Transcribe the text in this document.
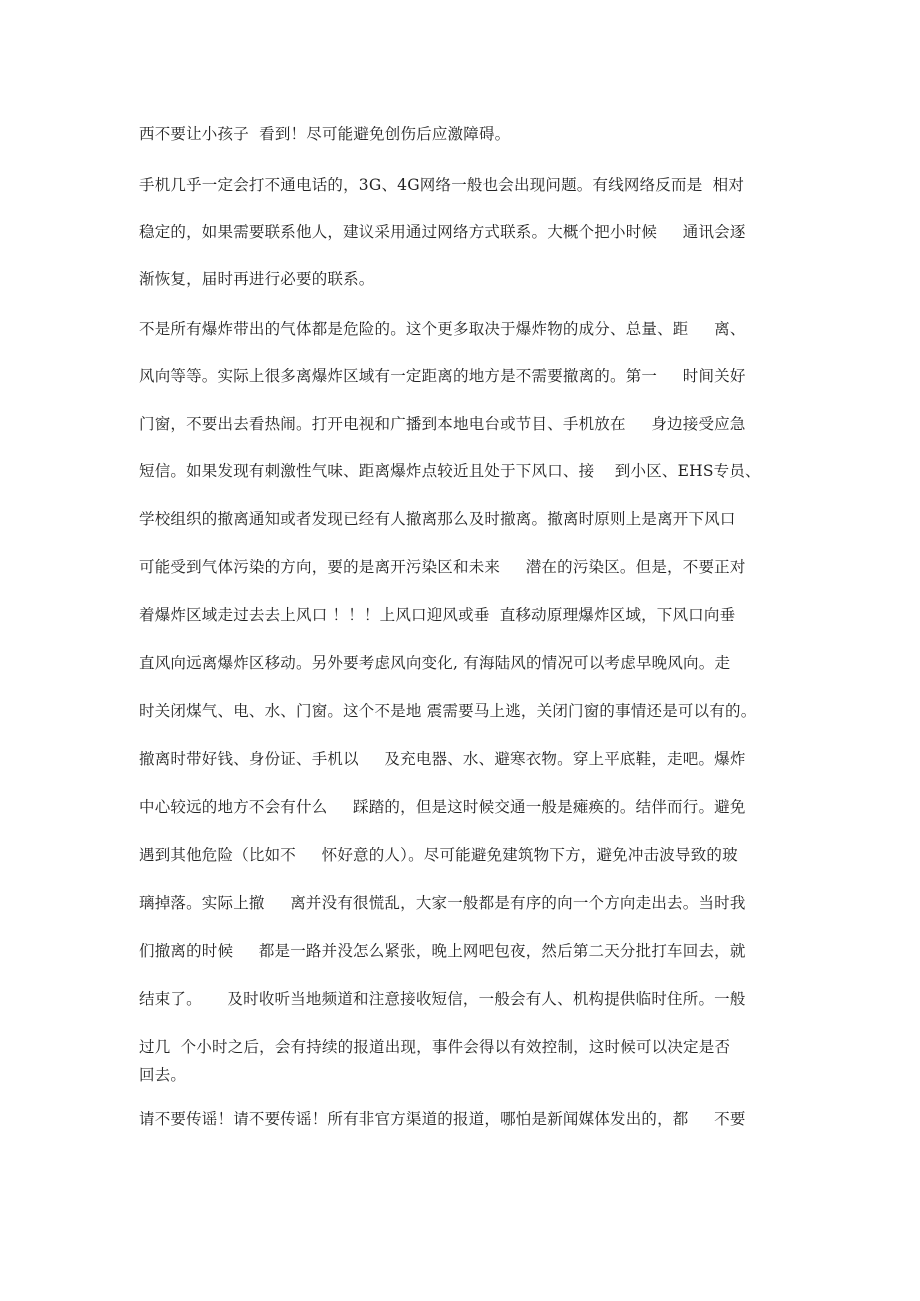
西不要让小孩子  看到！尽可能避免创伤后应激障碍。
手机几乎一定会打不通电话的，3G、4G网络一般也会出现问题。有线网络反而是  相对
稳定的，如果需要联系他人，建议采用通过网络方式联系。大概个把小时候     通讯会逐
渐恢复，届时再进行必要的联系。
不是所有爆炸带出的气体都是危险的。这个更多取决于爆炸物的成分、总量、距     离、
风向等等。实际上很多离爆炸区域有一定距离的地方是不需要撤离的。第一     时间关好
门窗，不要出去看热闹。打开电视和广播到本地电台或节目、手机放在     身边接受应急
短信。如果发现有刺激性气味、距离爆炸点较近且处于下风口、接    到小区、EHS专员、
学校组织的撤离通知或者发现已经有人撤离那么及时撤离。撤离时原则上是离开下风口
可能受到气体污染的方向，要的是离开污染区和未来     潜在的污染区。但是，不要正对
着爆炸区域走过去去上风口 ！！！上风口迎风或垂  直移动原理爆炸区域，下风口向垂
直风向远离爆炸区移动。另外要考虑风向变化, 有海陆风的情况可以考虑早晚风向。走
时关闭煤气、电、水、门窗。这个不是地 震需要马上逃，关闭门窗的事情还是可以有的。
撤离时带好钱、身份证、手机以     及充电器、水、避寒衣物。穿上平底鞋，走吧。爆炸
中心较远的地方不会有什么     踩踏的，但是这时候交通一般是瘫痪的。结伴而行。避免
遇到其他危险（比如不     怀好意的人）。尽可能避免建筑物下方，避免冲击波导致的玻
璃掉落。实际上撤     离并没有很慌乱，大家一般都是有序的向一个方向走出去。当时我
们撤离的时候     都是一路并没怎么紧张，晚上网吧包夜，然后第二天分批打车回去，就
结束了。     及时收听当地频道和注意接收短信，一般会有人、机构提供临时住所。一般
过几  个小时之后，会有持续的报道出现，事件会得以有效控制，这时候可以决定是否
回去。
请不要传谣！请不要传谣！所有非官方渠道的报道，哪怕是新闻媒体发出的，都     不要
